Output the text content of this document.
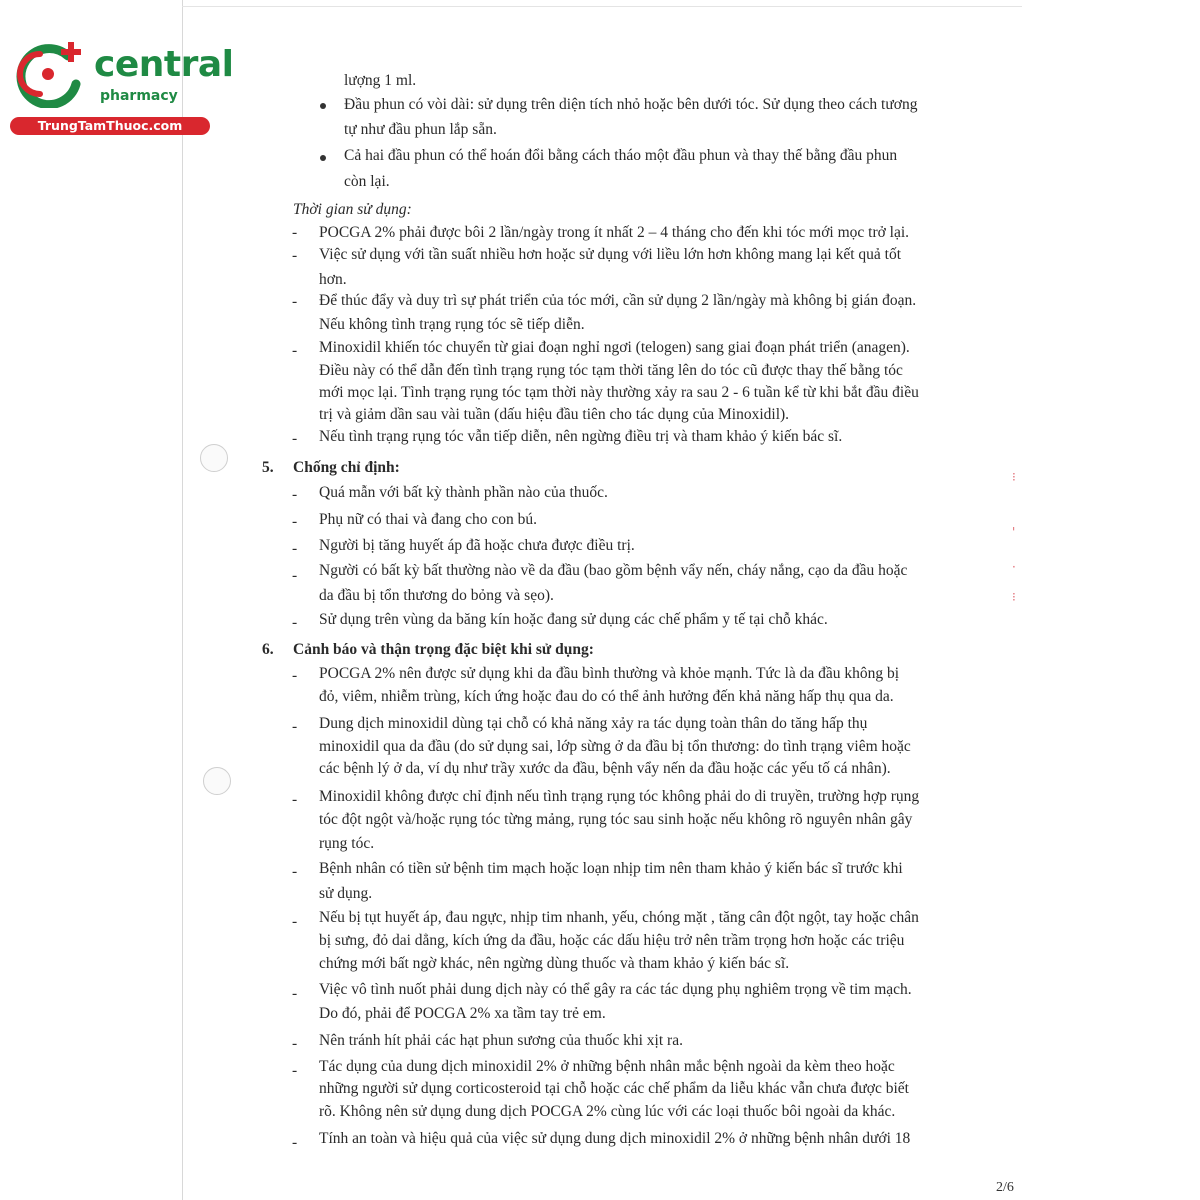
central
pharmacy
TrungTamThuoc.com
lượng 1 ml.
Đầu phun có vòi dài: sử dụng trên diện tích nhỏ hoặc bên dưới tóc. Sử dụng theo cách tương
tự như đầu phun lắp sẵn.
Cả hai đầu phun có thể hoán đổi bằng cách tháo một đầu phun và thay thế bằng đầu phun
còn lại.
Thời gian sử dụng:
- POCGA 2% phải được bôi 2 lần/ngày trong ít nhất 2 – 4 tháng cho đến khi tóc mới mọc trở lại.
- Việc sử dụng với tần suất nhiều hơn hoặc sử dụng với liều lớn hơn không mang lại kết quả tốt
hơn.
- Để thúc đẩy và duy trì sự phát triển của tóc mới, cần sử dụng 2 lần/ngày mà không bị gián đoạn.
Nếu không tình trạng rụng tóc sẽ tiếp diễn.
- Minoxidil khiến tóc chuyển từ giai đoạn nghỉ ngơi (telogen) sang giai đoạn phát triển (anagen).
Điều này có thể dẫn đến tình trạng rụng tóc tạm thời tăng lên do tóc cũ được thay thế bằng tóc
mới mọc lại. Tình trạng rụng tóc tạm thời này thường xảy ra sau 2 - 6 tuần kể từ khi bắt đầu điều
trị và giảm dần sau vài tuần (dấu hiệu đầu tiên cho tác dụng của Minoxidil).
- Nếu tình trạng rụng tóc vẫn tiếp diễn, nên ngừng điều trị và tham khảo ý kiến bác sĩ.
5. Chống chỉ định:
- Quá mẫn với bất kỳ thành phần nào của thuốc.
- Phụ nữ có thai và đang cho con bú.
- Người bị tăng huyết áp đã hoặc chưa được điều trị.
- Người có bất kỳ bất thường nào về da đầu (bao gồm bệnh vẩy nến, cháy nắng, cạo da đầu hoặc
da đầu bị tổn thương do bỏng và sẹo).
- Sử dụng trên vùng da băng kín hoặc đang sử dụng các chế phẩm y tế tại chỗ khác.
6. Cảnh báo và thận trọng đặc biệt khi sử dụng:
- POCGA 2% nên được sử dụng khi da đầu bình thường và khỏe mạnh. Tức là da đầu không bị
đỏ, viêm, nhiễm trùng, kích ứng hoặc đau do có thể ảnh hưởng đến khả năng hấp thụ qua da.
- Dung dịch minoxidil dùng tại chỗ có khả năng xảy ra tác dụng toàn thân do tăng hấp thụ
minoxidil qua da đầu (do sử dụng sai, lớp sừng ở da đầu bị tổn thương: do tình trạng viêm hoặc
các bệnh lý ở da, ví dụ như trầy xước da đầu, bệnh vẩy nến da đầu hoặc các yếu tố cá nhân).
- Minoxidil không được chỉ định nếu tình trạng rụng tóc không phải do di truyền, trường hợp rụng
tóc đột ngột và/hoặc rụng tóc từng mảng, rụng tóc sau sinh hoặc nếu không rõ nguyên nhân gây
rụng tóc.
- Bệnh nhân có tiền sử bệnh tim mạch hoặc loạn nhịp tim nên tham khảo ý kiến bác sĩ trước khi
sử dụng.
- Nếu bị tụt huyết áp, đau ngực, nhịp tim nhanh, yếu, chóng mặt , tăng cân đột ngột, tay hoặc chân
bị sưng, đỏ dai dẳng, kích ứng da đầu, hoặc các dấu hiệu trở nên trầm trọng hơn hoặc các triệu
chứng mới bất ngờ khác, nên ngừng dùng thuốc và tham khảo ý kiến bác sĩ.
- Việc vô tình nuốt phải dung dịch này có thể gây ra các tác dụng phụ nghiêm trọng về tim mạch.
Do đó, phải để POCGA 2% xa tầm tay trẻ em.
- Nên tránh hít phải các hạt phun sương của thuốc khi xịt ra.
- Tác dụng của dung dịch minoxidil 2% ở những bệnh nhân mắc bệnh ngoài da kèm theo hoặc
những người sử dụng corticosteroid tại chỗ hoặc các chế phẩm da liễu khác vẫn chưa được biết
rõ. Không nên sử dụng dung dịch POCGA 2% cùng lúc với các loại thuốc bôi ngoài da khác.
- Tính an toàn và hiệu quả của việc sử dụng dung dịch minoxidil 2% ở những bệnh nhân dưới 18
⁝
'
·
⁝
2/6
